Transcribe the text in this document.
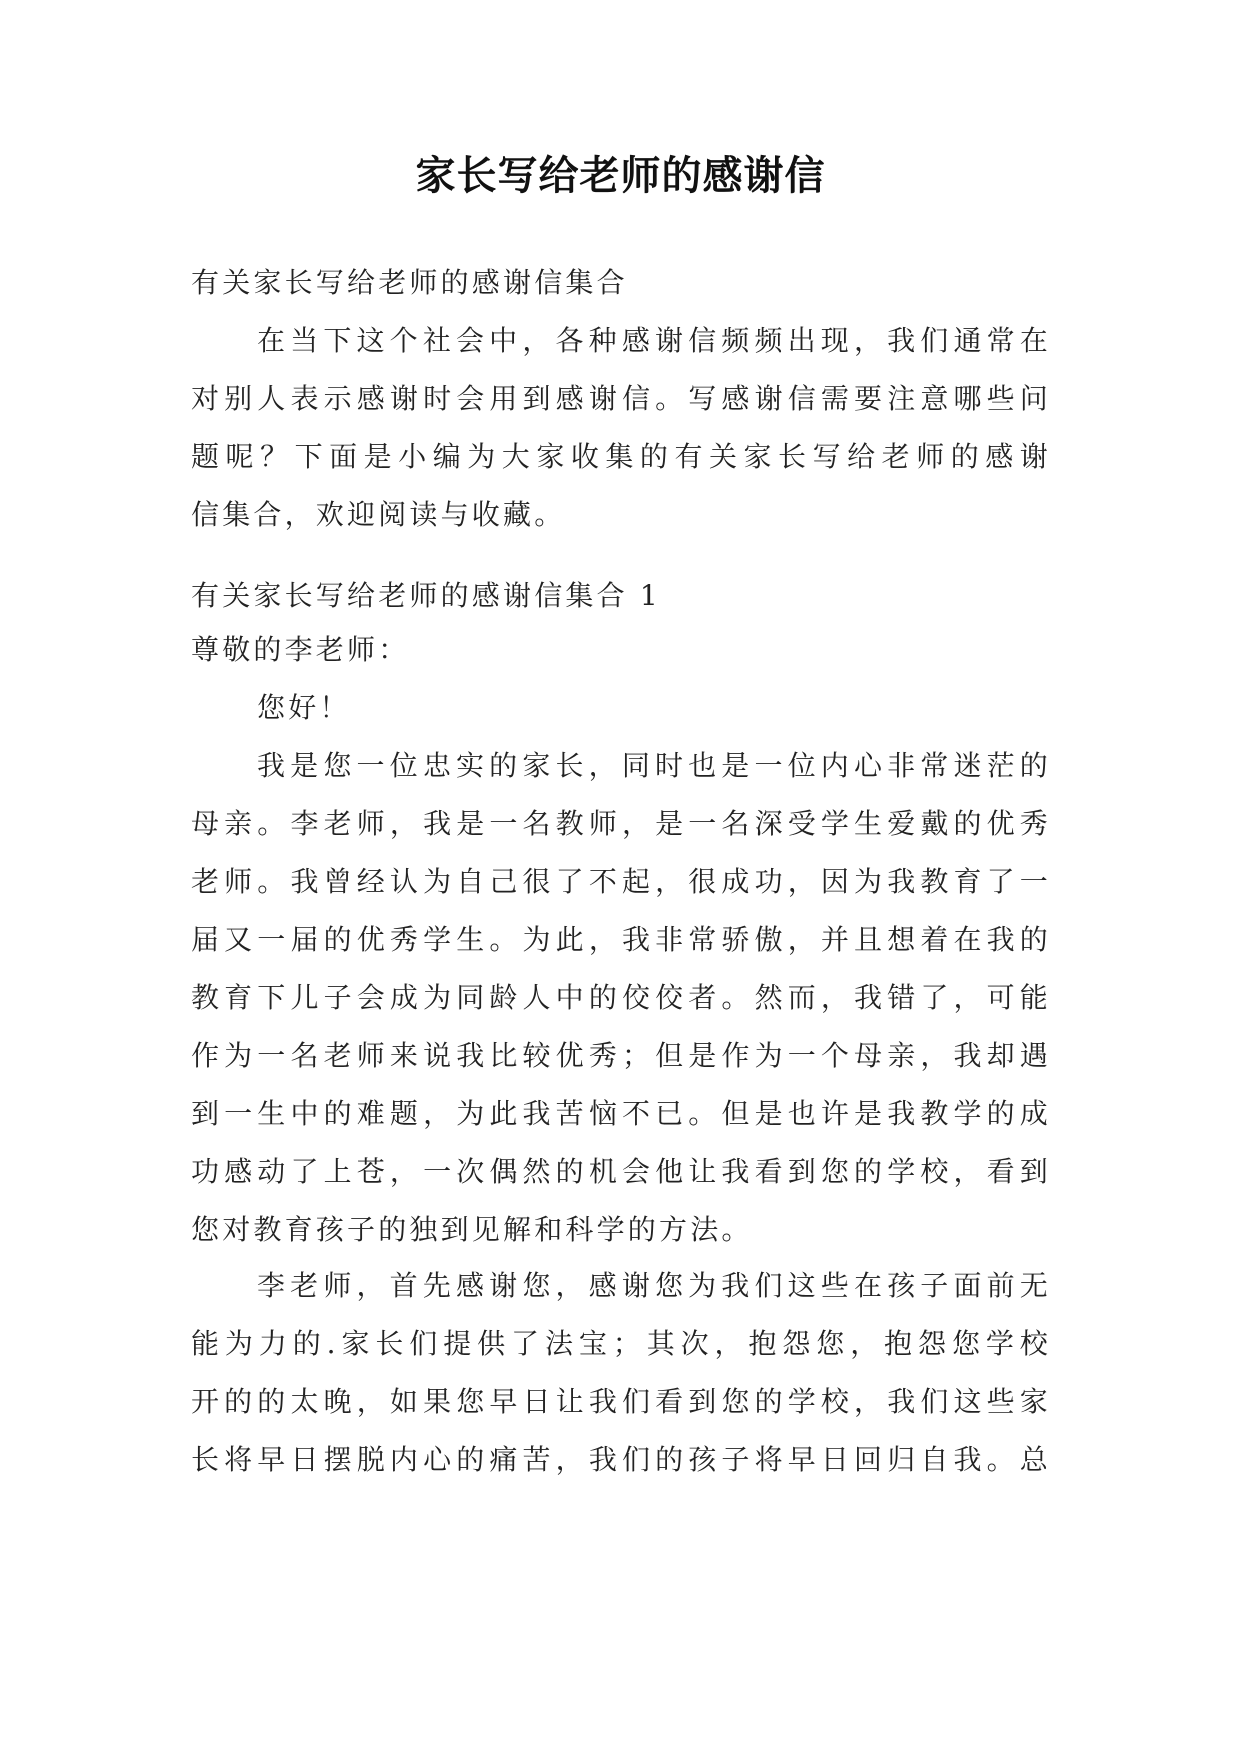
家长写给老师的感谢信
有关家长写给老师的感谢信集合
在当下这个社会中，各种感谢信频频出现，我们通常在
对别人表示感谢时会用到感谢信。写感谢信需要注意哪些问
题呢？下面是小编为大家收集的有关家长写给老师的感谢
信集合，欢迎阅读与收藏。
有关家长写给老师的感谢信集合 1
尊敬的李老师：
您好！
我是您一位忠实的家长，同时也是一位内心非常迷茫的
母亲。李老师，我是一名教师，是一名深受学生爱戴的优秀
老师。我曾经认为自己很了不起，很成功，因为我教育了一
届又一届的优秀学生。为此，我非常骄傲，并且想着在我的
教育下儿子会成为同龄人中的佼佼者。然而，我错了，可能
作为一名老师来说我比较优秀；但是作为一个母亲，我却遇
到一生中的难题，为此我苦恼不已。但是也许是我教学的成
功感动了上苍，一次偶然的机会他让我看到您的学校，看到
您对教育孩子的独到见解和科学的方法。
李老师，首先感谢您，感谢您为我们这些在孩子面前无
能为力的.家长们提供了法宝；其次，抱怨您，抱怨您学校
开的的太晚，如果您早日让我们看到您的学校，我们这些家
长将早日摆脱内心的痛苦，我们的孩子将早日回归自我。总
